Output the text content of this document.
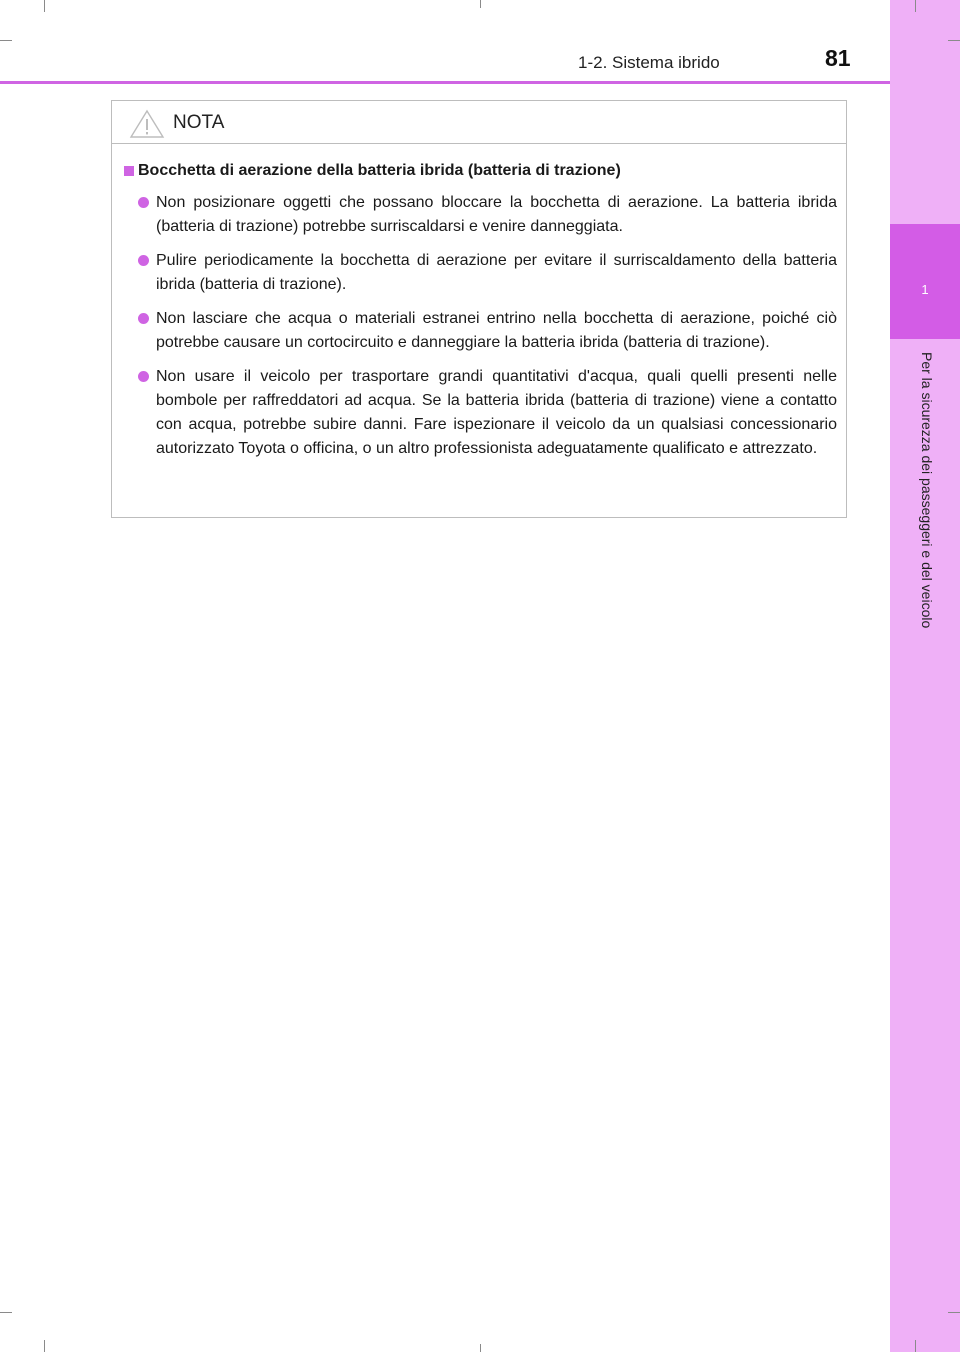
1
Per la sicurezza dei passeggeri e del veicolo
1-2. Sistema ibrido	81
NOTA
Bocchetta di aerazione della batteria ibrida (batteria di trazione)
Non posizionare oggetti che possano bloccare la bocchetta di aerazione. La batteria ibrida (batteria di trazione) potrebbe surriscaldarsi e venire danneggiata.
Pulire periodicamente la bocchetta di aerazione per evitare il surriscaldamento della batteria ibrida (batteria di trazione).
Non lasciare che acqua o materiali estranei entrino nella bocchetta di aerazione, poiché ciò potrebbe causare un cortocircuito e danneggiare la batteria ibrida (batteria di trazione).
Non usare il veicolo per trasportare grandi quantitativi d'acqua, quali quelli presenti nelle bombole per raffreddatori ad acqua. Se la batteria ibrida (batteria di trazione) viene a contatto con acqua, potrebbe subire danni. Fare ispezionare il veicolo da un qualsiasi concessionario autorizzato Toyota o officina, o un altro professionista adeguatamente qualificato e attrezzato.
